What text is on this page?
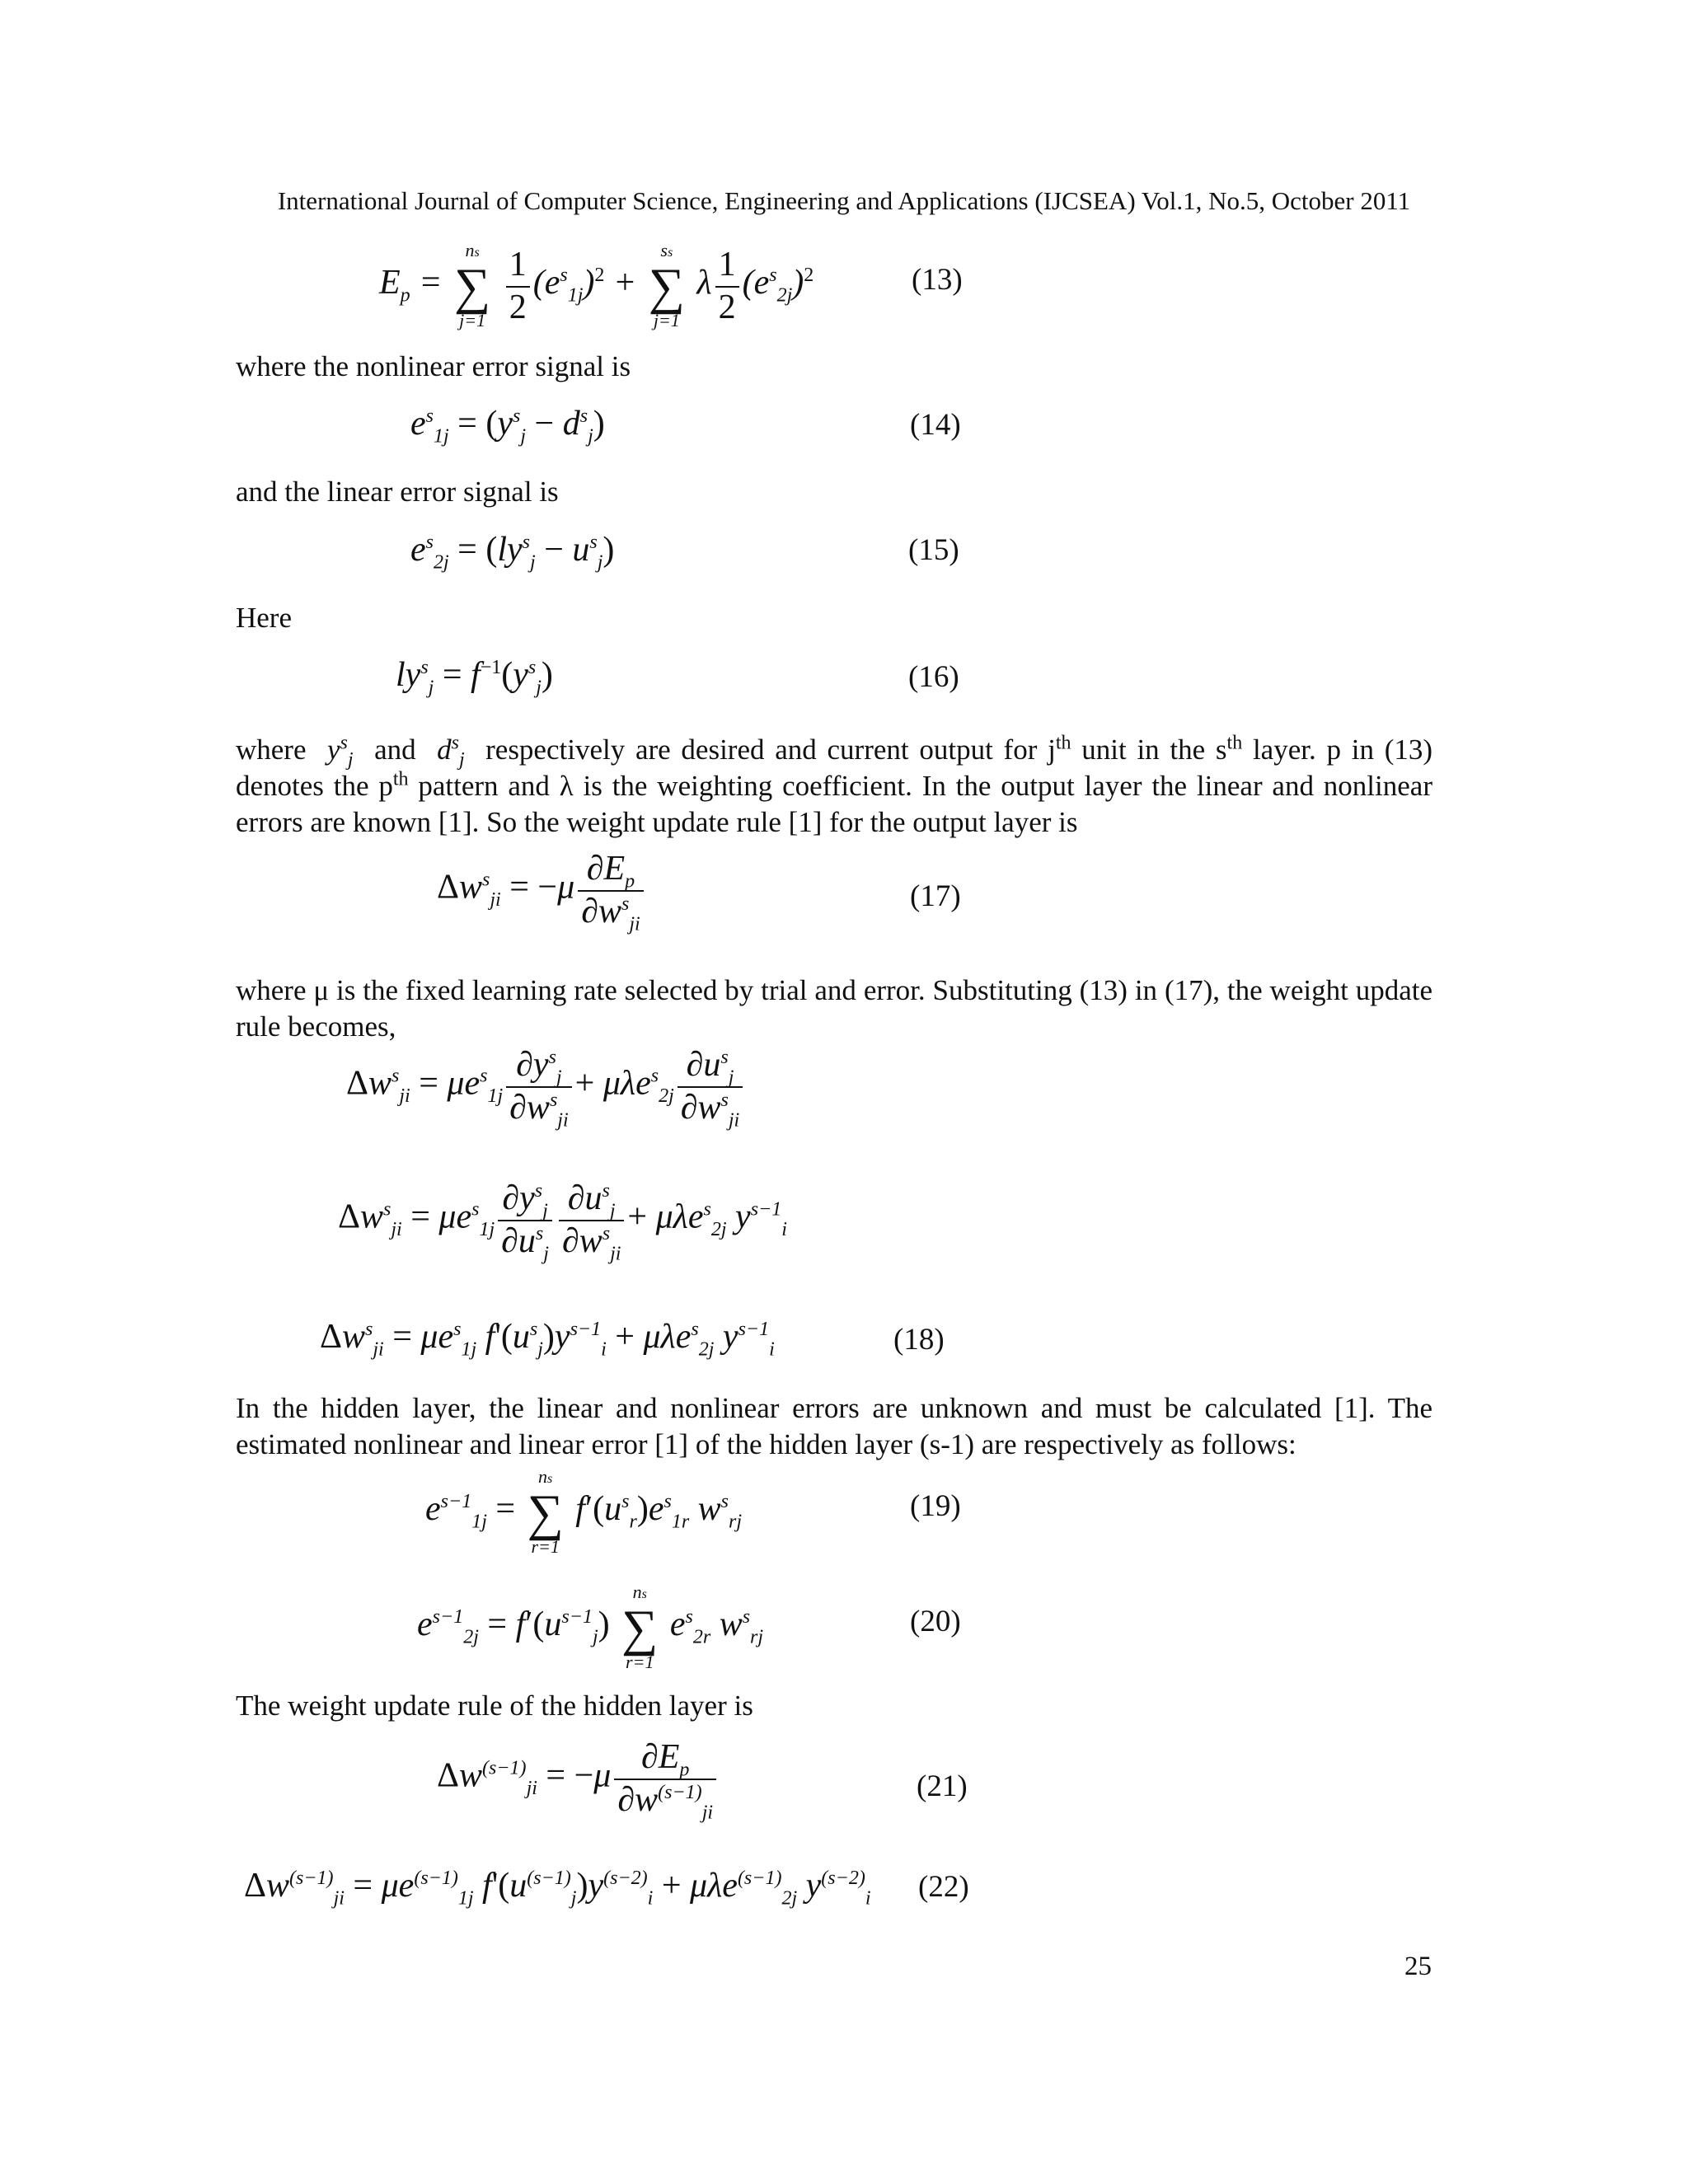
International Journal of Computer Science, Engineering and Applications (IJCSEA) Vol.1, No.5, October 2011
$E_p$ =
ns
∑
j=1
$\frac{1}{2} (e^s_{1j})^2$ +
ss
∑
j=1
λ $\frac{1}{2} (e^s_{2j})^2$	(13)
where the nonlinear error signal is
$e^s_{1j} = (y^s_j - d^s_j)$	(14)
and the linear error signal is
$e^s_{2j} = (ly^s_j - u^s_j)$	(15)
Here
$ly^s_j = f^{-1}(y^s_j)$	(16)
where  $y^s_j$ and  $d^s_j$ respectively are desired and current output for $j^{th}$ unit in the $s^{th}$ layer. p in (13) denotes the $p^{th}$ pattern and λ is the weighting coefficient. In the output layer the linear and nonlinear errors are known [1]. So the weight update rule [1] for the output layer is
$\Delta w^s_{ji} = -\mu \frac{\partial E_p}{\partial w^s_{ji}}$	(17)
where μ is the fixed learning rate selected by trial and error. Substituting (13) in (17), the weight update rule becomes,
$\Delta w^s_{ji} = \mu e^s_{1j} \frac{\partial y^s_j}{\partial w^s_{ji}} + \mu\lambda e^s_{2j} \frac{\partial u^s_j}{\partial w^s_{ji}}$
$\Delta w^s_{ji} = \mu e^s_{1j} \frac{\partial y^s_j}{\partial u^s_j} \frac{\partial u^s_j}{\partial w^s_{ji}} + \mu\lambda e^s_{2j}$ $y^{s-1}_i$
$\Delta w^s_{ji} = \mu e^s_{1j}$ $f'(u^s_j)y^{s-1}_i + \mu\lambda e^s_{2j}$ $y^{s-1}_i$	(18)
In the hidden layer, the linear and nonlinear errors are unknown and must be calculated [1]. The estimated nonlinear and linear error [1] of the hidden layer (s-1) are respectively as follows:
$e^{s-1}_{1j}$ =
ns
∑
r=1
$f'(u^s_r)e^s_{1r}$ $w^s_{rj}$	(19)
$e^{s-1}_{2j} = f'(u^{s-1}_j)$
ns
∑
r=1
$e^s_{2r}$ $w^s_{rj}$	(20)
The weight update rule of the hidden layer is
$\Delta w^{(s-1)}_{ji} = -\mu \frac{\partial E_p}{\partial w^{(s-1)}_{ji}}$	(21)
$\Delta w^{(s-1)}_{ji} = \mu e^{(s-1)}_{1j}$ $f'(u^{(s-1)}_j)y^{(s-2)}_i + \mu\lambda e^{(s-1)}_{2j}$ $y^{(s-2)}_i$ (22)
25
